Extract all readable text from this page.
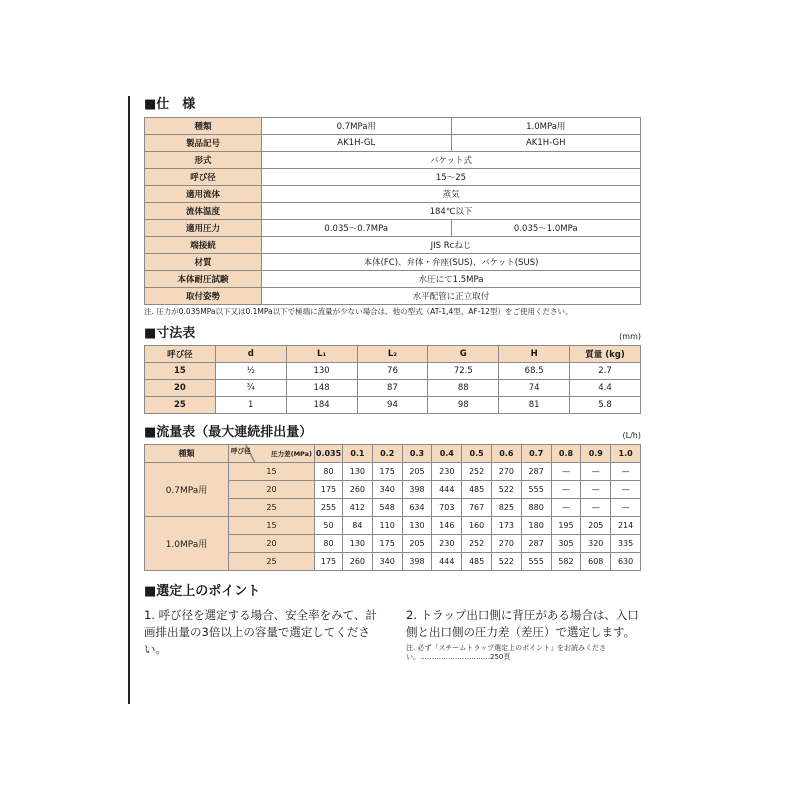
■仕　様
種類	0.7MPa用	1.0MPa用
製品記号	AK1H-GL	AK1H-GH
形式	バケット式	
呼び径	15〜25	
適用流体	蒸気	
流体温度	184℃以下	
適用圧力	0.035〜0.7MPa	0.035〜1.0MPa
端接続	JIS Rcねじ	
材質	本体(FC)、弁体・弁座(SUS)、バケット(SUS)	
本体耐圧試験	水圧にて1.5MPa	
取付姿勢	水平配管に正立取付	
注. 圧力が0.035MPa以下又は0.1MPa以下で極端に流量が少ない場合は、他の型式（AT-1,4型、AF-12型）をご使用ください。
■寸法表	(mm)
呼び径	d	L₁	L₂	G	H	質量 (kg)
15	½	130	76	72.5	68.5	2.7
20	¾	148	87	88	74	4.4
25	1	184	94	98	81	5.8
■流量表（最大連続排出量）	(L/h)
種類	呼び径 圧力差(MPa)	0.035	0.1	0.2	0.3	0.4	0.5	0.6	0.7	0.8	0.9	1.0
0.7MPa用	15	80	130	175	205	230	252	270	287	—	—	—
	20	175	260	340	398	444	485	522	555	—	—	—
	25	255	412	548	634	703	767	825	880	—	—	—
1.0MPa用	15	50	84	110	130	146	160	173	180	195	205	214
	20	80	130	175	205	230	252	270	287	305	320	335
	25	175	260	340	398	444	485	522	555	582	608	630
■選定上のポイント
1. 呼び径を選定する場合、安全率をみて、計画排出量の3倍以上の容量で選定してください。
2. トラップ出口側に背圧がある場合は、入口側と出口側の圧力差（差圧）で選定します。
注. 必ず「スチームトラップ選定上のポイント」をお読みください。…………………………250頁
